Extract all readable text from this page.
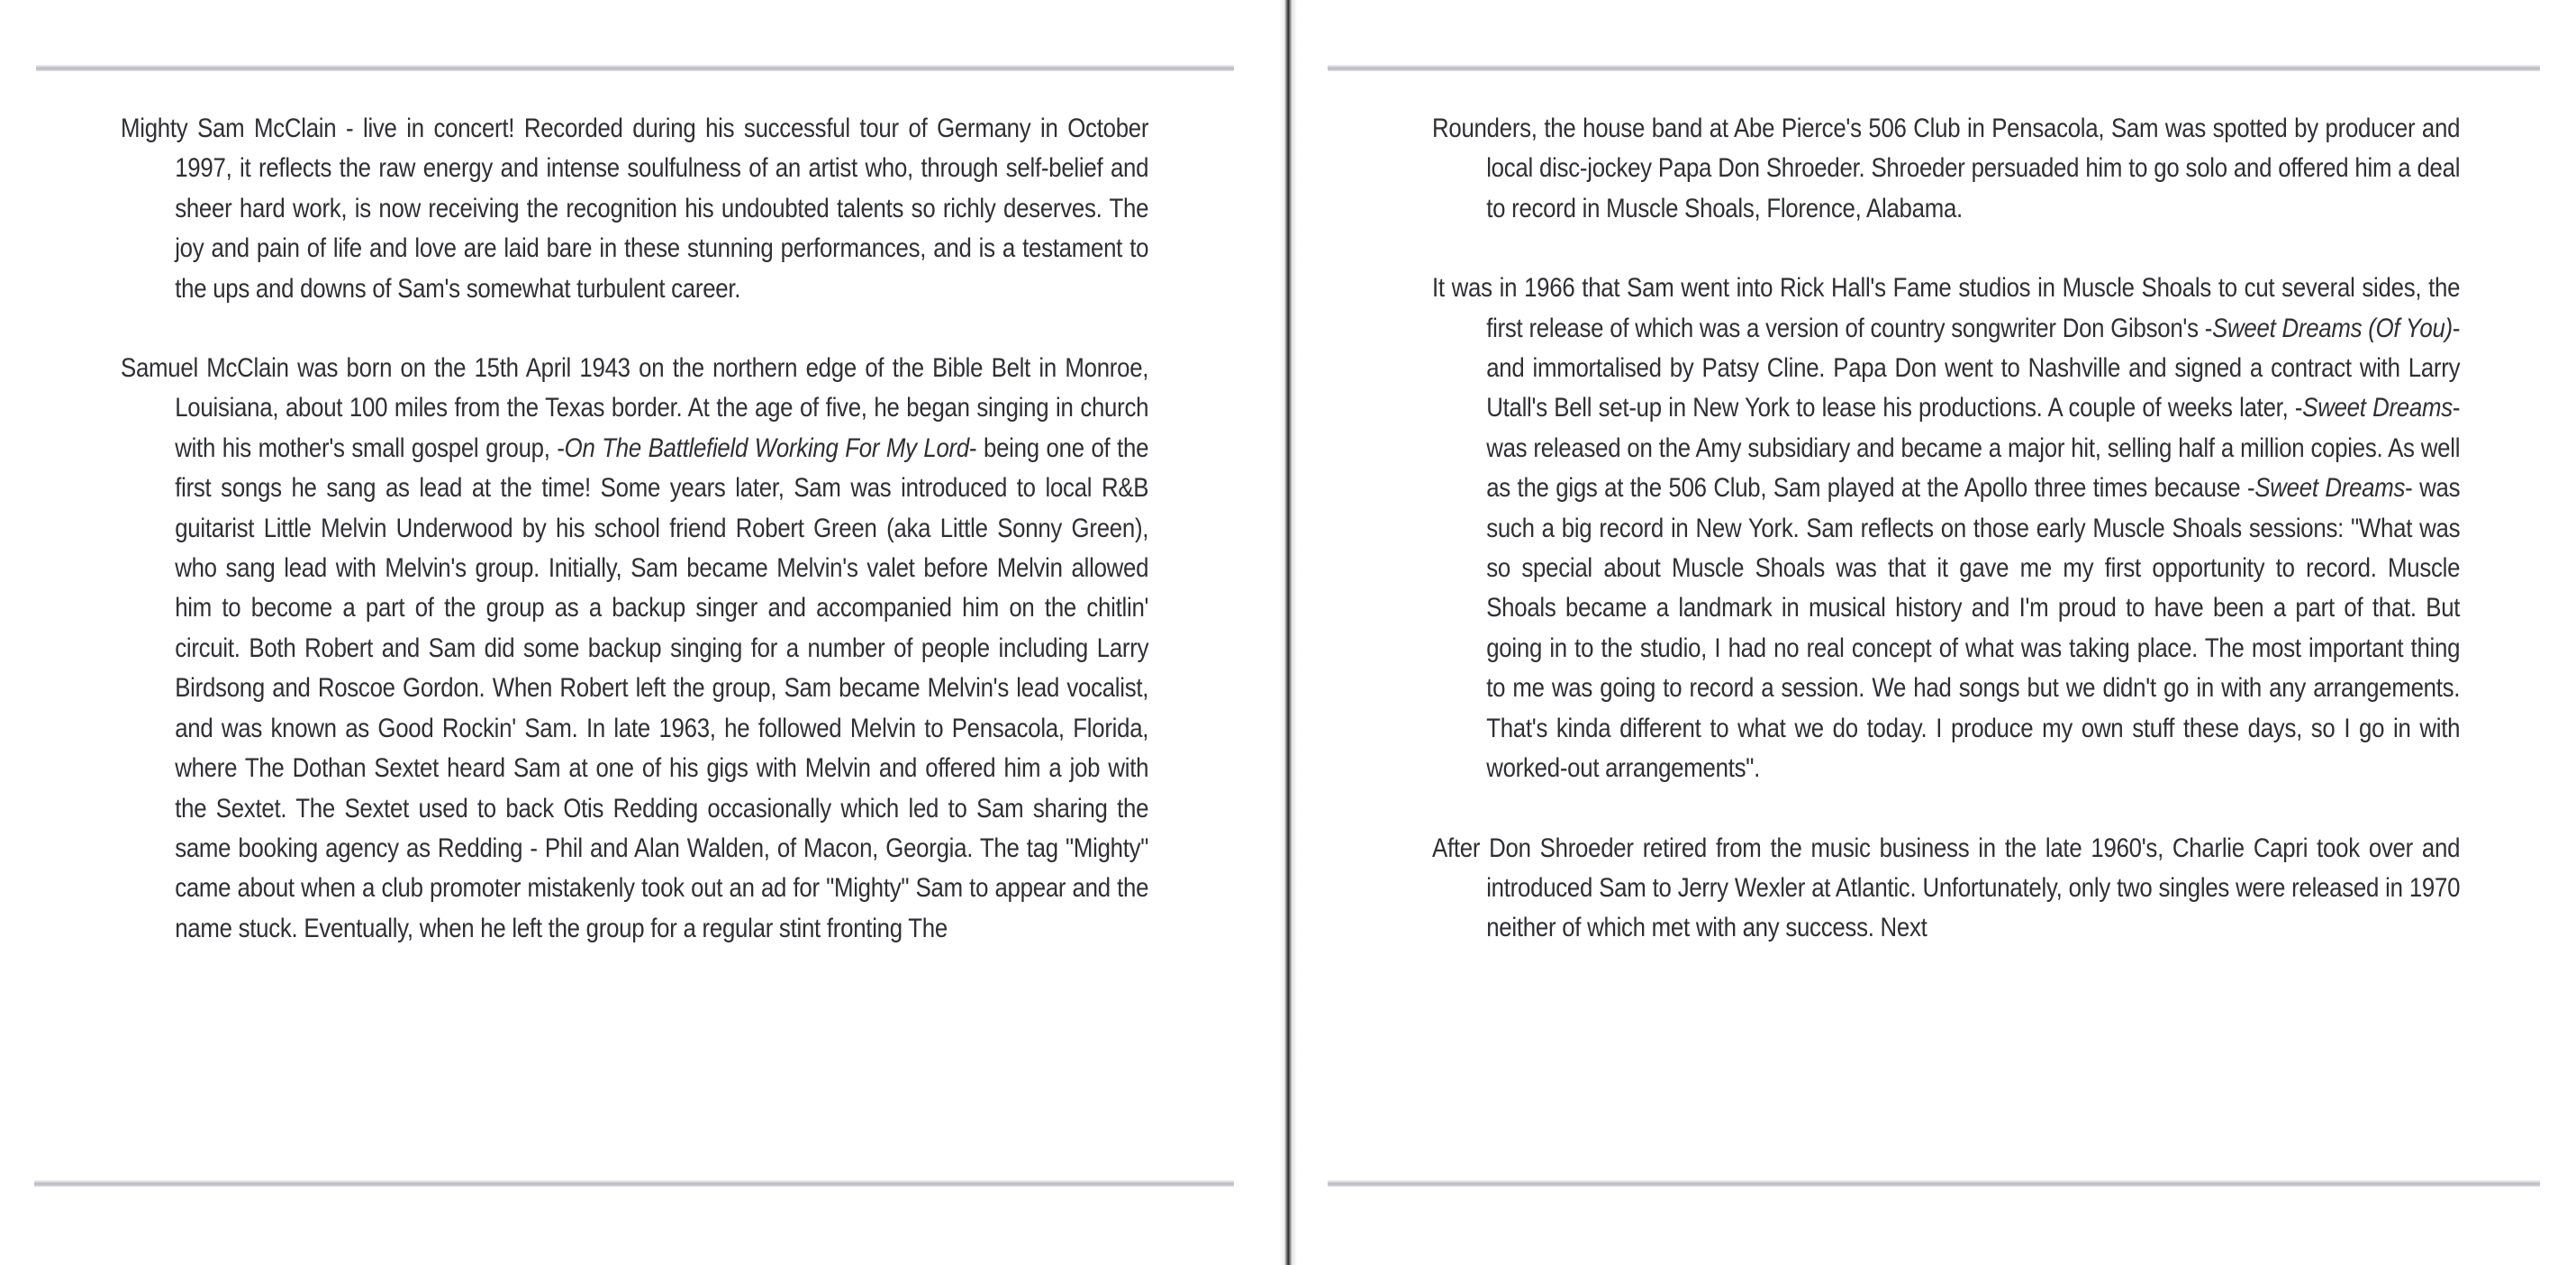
Mighty Sam McClain - live in concert! Recorded during his successful tour of Germany in October 1997, it reflects the raw energy and intense soulfulness of an artist who, through self-belief and sheer hard work, is now receiving the recognition his undoubted talents so richly deserves. The joy and pain of life and love are laid bare in these stunning performances, and is a testament to the ups and downs of Sam's somewhat turbulent career.

Samuel McClain was born on the 15th April 1943 on the northern edge of the Bible Belt in Monroe, Louisiana, about 100 miles from the Texas border. At the age of five, he began singing in church with his mother's small gospel group, -On The Battlefield Working For My Lord- being one of the first songs he sang as lead at the time! Some years later, Sam was introduced to local R&B guitarist Little Melvin Underwood by his school friend Robert Green (aka Little Sonny Green), who sang lead with Melvin's group. Initially, Sam became Melvin's valet before Melvin allowed him to become a part of the group as a backup singer and accompanied him on the chitlin' circuit. Both Robert and Sam did some backup singing for a number of people including Larry Birdsong and Roscoe Gordon. When Robert left the group, Sam became Melvin's lead vocalist, and was known as Good Rockin' Sam. In late 1963, he followed Melvin to Pensacola, Florida, where The Dothan Sextet heard Sam at one of his gigs with Melvin and offered him a job with the Sextet. The Sextet used to back Otis Redding occasionally which led to Sam sharing the same booking agency as Redding - Phil and Alan Walden, of Macon, Georgia. The tag "Mighty" came about when a club promoter mistakenly took out an ad for "Mighty" Sam to appear and the name stuck. Eventually, when he left the group for a regular stint fronting The

Rounders, the house band at Abe Pierce's 506 Club in Pensacola, Sam was spotted by producer and local disc-jockey Papa Don Shroeder. Shroeder persuaded him to go solo and offered him a deal to record in Muscle Shoals, Florence, Alabama.

It was in 1966 that Sam went into Rick Hall's Fame studios in Muscle Shoals to cut several sides, the first release of which was a version of country songwriter Don Gibson's -Sweet Dreams (Of You)- and immortalised by Patsy Cline. Papa Don went to Nashville and signed a contract with Larry Utall's Bell set-up in New York to lease his productions. A couple of weeks later, -Sweet Dreams- was released on the Amy subsidiary and became a major hit, selling half a million copies. As well as the gigs at the 506 Club, Sam played at the Apollo three times because -Sweet Dreams- was such a big record in New York. Sam reflects on those early Muscle Shoals sessions: "What was so special about Muscle Shoals was that it gave me my first opportunity to record. Muscle Shoals became a landmark in musical history and I'm proud to have been a part of that. But going in to the studio, I had no real concept of what was taking place. The most important thing to me was going to record a session. We had songs but we didn't go in with any arrangements. That's kinda different to what we do today. I produce my own stuff these days, so I go in with worked-out arrangements".

After Don Shroeder retired from the music business in the late 1960's, Charlie Capri took over and introduced Sam to Jerry Wexler at Atlantic. Unfortunately, only two singles were released in 1970 neither of which met with any success. Next
